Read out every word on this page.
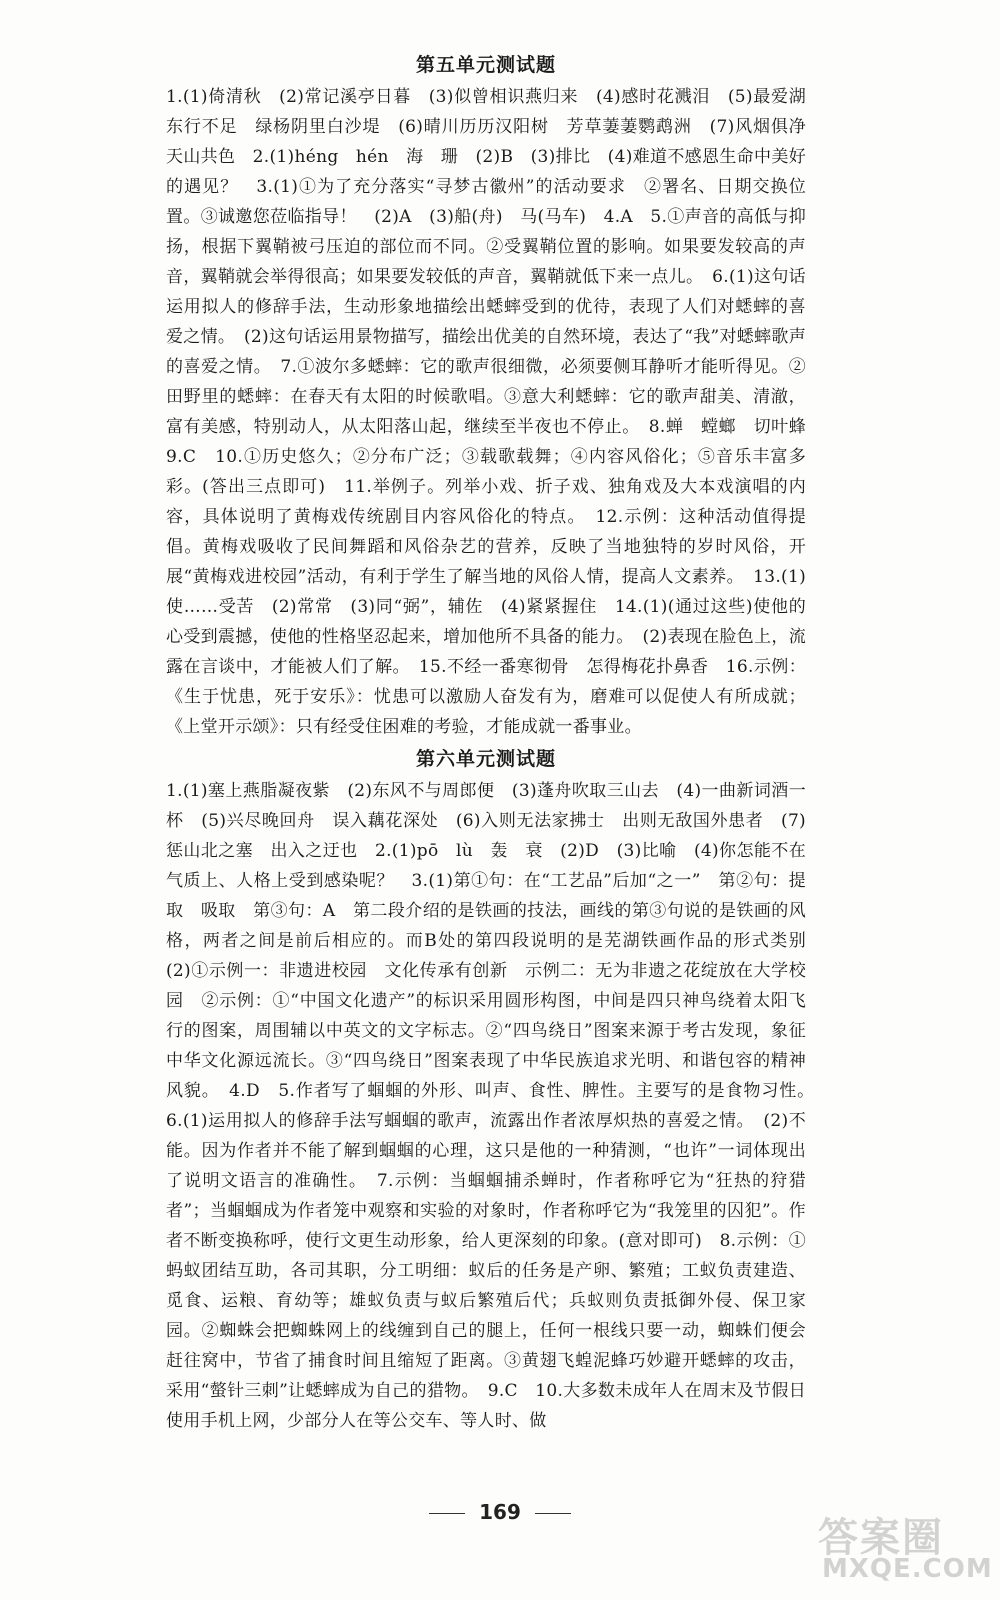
第五单元测试题
1.(1)倚清秋　(2)常记溪亭日暮　(3)似曾相识燕归来　(4)感时花溅泪　(5)最爱湖东行不足　绿杨阴里白沙堤　(6)晴川历历汉阳树　芳草萋萋鹦鹉洲　(7)风烟俱净　天山共色　2.(1)héng　hén　海　珊　(2)B　(3)排比　(4)难道不感恩生命中美好的遇见？　3.(1)①为了充分落实“寻梦古徽州”的活动要求　②署名、日期交换位置。③诚邀您莅临指导！　(2)A　(3)船(舟)　马(马车)　4.A　5.①声音的高低与抑扬，根据下翼鞘被弓压迫的部位而不同。②受翼鞘位置的影响。如果要发较高的声音，翼鞘就会举得很高；如果要发较低的声音，翼鞘就低下来一点儿。　6.(1)这句话运用拟人的修辞手法，生动形象地描绘出蟋蟀受到的优待，表现了人们对蟋蟀的喜爱之情。　(2)这句话运用景物描写，描绘出优美的自然环境，表达了“我”对蟋蟀歌声的喜爱之情。　7.①波尔多蟋蟀：它的歌声很细微，必须要侧耳静听才能听得见。②田野里的蟋蟀：在春天有太阳的时候歌唱。③意大利蟋蟀：它的歌声甜美、清澈，富有美感，特别动人，从太阳落山起，继续至半夜也不停止。　8.蝉　螳螂　切叶蜂　9.C　10.①历史悠久；②分布广泛；③载歌载舞；④内容风俗化；⑤音乐丰富多彩。(答出三点即可)　11.举例子。列举小戏、折子戏、独角戏及大本戏演唱的内容，具体说明了黄梅戏传统剧目内容风俗化的特点。　12.示例：这种活动值得提倡。黄梅戏吸收了民间舞蹈和风俗杂艺的营养，反映了当地独特的岁时风俗，开展“黄梅戏进校园”活动，有利于学生了解当地的风俗人情，提高人文素养。　13.(1)使……受苦　(2)常常　(3)同“弼”，辅佐　(4)紧紧握住　14.(1)(通过这些)使他的心受到震撼，使他的性格坚忍起来，增加他所不具备的能力。　(2)表现在脸色上，流露在言谈中，才能被人们了解。　15.不经一番寒彻骨　怎得梅花扑鼻香　16.示例：《生于忧患，死于安乐》：忧患可以激励人奋发有为，磨难可以促使人有所成就；《上堂开示颂》：只有经受住困难的考验，才能成就一番事业。
第六单元测试题
1.(1)塞上燕脂凝夜紫　(2)东风不与周郎便　(3)蓬舟吹取三山去　(4)一曲新词酒一杯　(5)兴尽晚回舟　误入藕花深处　(6)入则无法家拂士　出则无敌国外患者　(7)惩山北之塞　出入之迂也　2.(1)pō　lù　轰　衰　(2)D　(3)比喻　(4)你怎能不在气质上、人格上受到感染呢？　3.(1)第①句：在“工艺品”后加“之一”　第②句：提取　吸取　第③句：A　第二段介绍的是铁画的技法，画线的第③句说的是铁画的风格，两者之间是前后相应的。而B处的第四段说明的是芜湖铁画作品的形式类别　(2)①示例一：非遗进校园　文化传承有创新　示例二：无为非遗之花绽放在大学校园　②示例：①“中国文化遗产”的标识采用圆形构图，中间是四只神鸟绕着太阳飞行的图案，周围辅以中英文的文字标志。②“四鸟绕日”图案来源于考古发现，象征中华文化源远流长。③“四鸟绕日”图案表现了中华民族追求光明、和谐包容的精神风貌。　4.D　5.作者写了蝈蝈的外形、叫声、食性、脾性。主要写的是食物习性。　6.(1)运用拟人的修辞手法写蝈蝈的歌声，流露出作者浓厚炽热的喜爱之情。　(2)不能。因为作者并不能了解到蝈蝈的心理，这只是他的一种猜测，“也许”一词体现出了说明文语言的准确性。　7.示例：当蝈蝈捕杀蝉时，作者称呼它为“狂热的狩猎者”；当蝈蝈成为作者笼中观察和实验的对象时，作者称呼它为“我笼里的囚犯”。作者不断变换称呼，使行文更生动形象，给人更深刻的印象。(意对即可)　8.示例：①蚂蚁团结互助，各司其职，分工明细：蚁后的任务是产卵、繁殖；工蚁负责建造、觅食、运粮、育幼等；雄蚁负责与蚁后繁殖后代；兵蚁则负责抵御外侵、保卫家园。②蜘蛛会把蜘蛛网上的线缠到自己的腿上，任何一根线只要一动，蜘蛛们便会赶往窝中，节省了捕食时间且缩短了距离。③黄翅飞蝗泥蜂巧妙避开蟋蟀的攻击，采用“螫针三刺”让蟋蟀成为自己的猎物。　9.C　10.大多数未成年人在周末及节假日使用手机上网，少部分人在等公交车、等人时、做
169
答案圈
MXQE.COM
